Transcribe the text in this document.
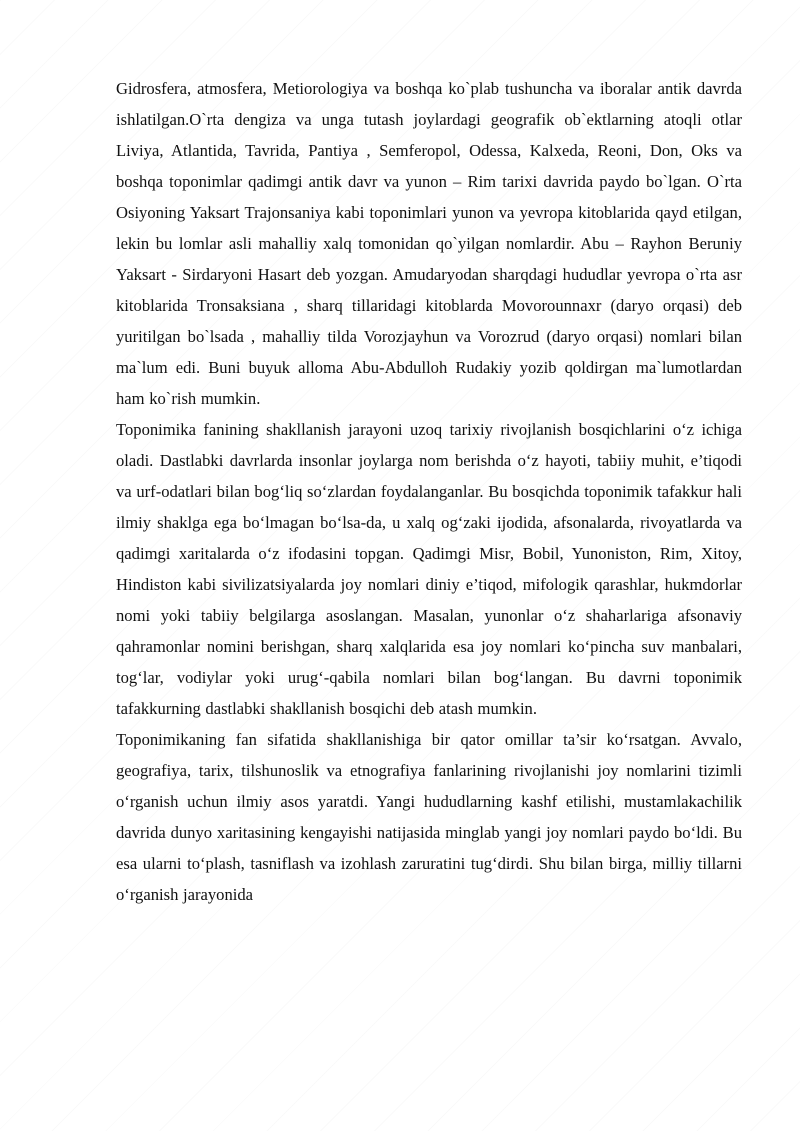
Gidrosfera, atmosfera, Metiorologiya va boshqa ko`plab tushuncha va iboralar antik davrda ishlatilgan.O`rta dengiza va unga tutash joylardagi geografik ob`ektlarning atoqli otlar Liviya, Atlantida, Tavrida, Pantiya , Semferopol, Odessa, Kalxeda, Reoni, Don, Oks va boshqa toponimlar qadimgi antik davr va yunon – Rim tarixi davrida paydo bo`lgan. O`rta Osiyoning Yaksart Trajonsaniya kabi toponimlari yunon va yevropa kitoblarida qayd etilgan, lekin bu lomlar asli mahalliy xalq tomonidan qo`yilgan nomlardir. Abu – Rayhon Beruniy Yaksart - Sirdaryoni Hasart deb yozgan. Amudaryodan sharqdagi hududlar yevropa o`rta asr kitoblarida Tronsaksiana , sharq tillaridagi kitoblarda Movorounnaxr (daryo orqasi) deb yuritilgan bo`lsada , mahalliy tilda Vorozjayhun va Vorozrud (daryo orqasi) nomlari bilan ma`lum edi. Buni buyuk alloma Abu-Abdulloh Rudakiy yozib qoldirgan ma`lumotlardan ham ko`rish mumkin.

Toponimika fanining shakllanish jarayoni uzoq tarixiy rivojlanish bosqichlarini o‘z ichiga oladi. Dastlabki davrlarda insonlar joylarga nom berishda o‘z hayoti, tabiiy muhit, e’tiqodi va urf-odatlari bilan bog‘liq so‘zlardan foydalanganlar. Bu bosqichda toponimik tafakkur hali ilmiy shaklga ega bo‘lmagan bo‘lsa-da, u xalq og‘zaki ijodida, afsonalarda, rivoyatlarda va qadimgi xaritalarda o‘z ifodasini topgan. Qadimgi Misr, Bobil, Yunoniston, Rim, Xitoy, Hindiston kabi sivilizatsiyalarda joy nomlari diniy e’tiqod, mifologik qarashlar, hukmdorlar nomi yoki tabiiy belgilarga asoslangan. Masalan, yunonlar o‘z shaharlariga afsonaviy qahramonlar nomini berishgan, sharq xalqlarida esa joy nomlari ko‘pincha suv manbalari, tog‘lar, vodiylar yoki urug‘-qabila nomlari bilan bog‘langan. Bu davrni toponimik tafakkurning dastlabki shakllanish bosqichi deb atash mumkin.

Toponimikaning fan sifatida shakllanishiga bir qator omillar ta’sir ko‘rsatgan. Avvalo, geografiya, tarix, tilshunoslik va etnografiya fanlarining rivojlanishi joy nomlarini tizimli o‘rganish uchun ilmiy asos yaratdi. Yangi hududlarning kashf etilishi, mustamlakachilik davrida dunyo xaritasining kengayishi natijasida minglab yangi joy nomlari paydo bo‘ldi. Bu esa ularni to‘plash, tasniflash va izohlash zaruratini tug‘dirdi. Shu bilan birga, milliy tillarni o‘rganish jarayonida
